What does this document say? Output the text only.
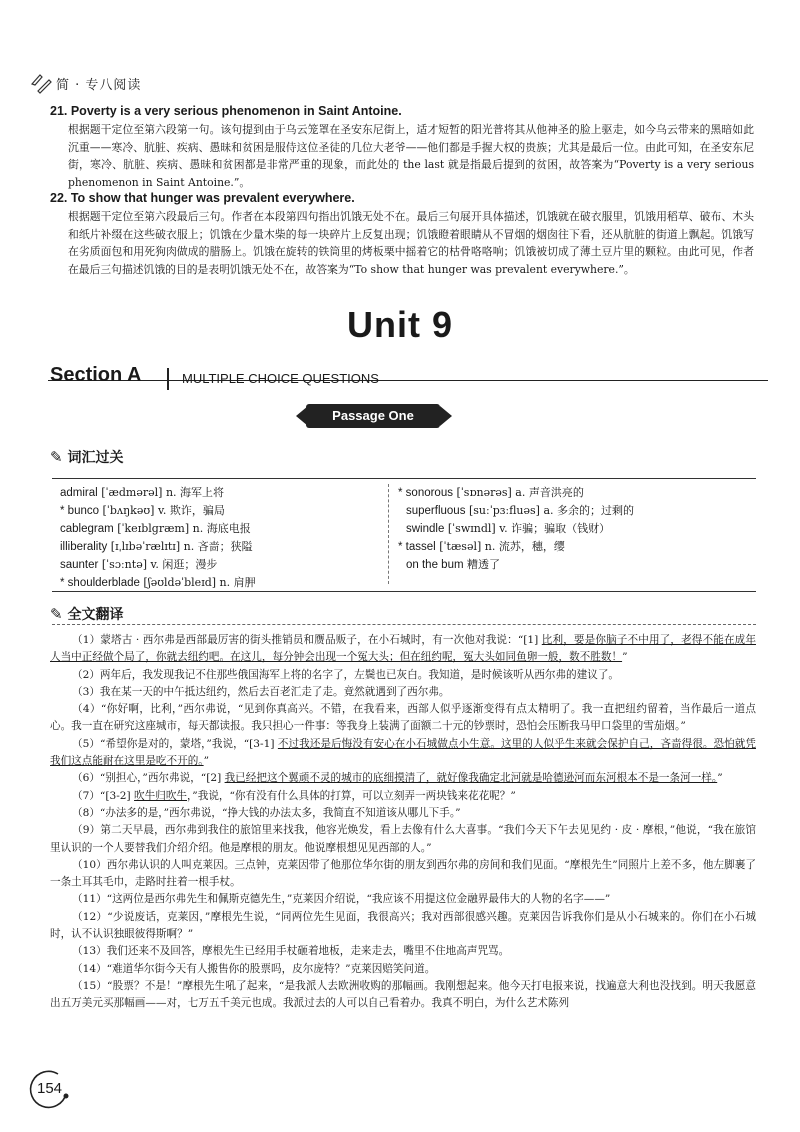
简 · 专八阅读
21. Poverty is a very serious phenomenon in Saint Antoine.
根据题干定位至第六段第一句。该句提到由于乌云笼罩在圣安东尼街上，适才短暂的阳光普将其从他神圣的脸上驱走，如今乌云带来的黑暗如此沉重——寒冷、肮脏、疾病、愚昧和贫困是服侍这位圣徒的几位大老爷——他们都是手握大权的贵族；尤其是最后一位。由此可知，在圣安东尼街，寒冷、肮脏、疾病、愚昧和贫困都是非常严重的现象，而此处的 the last 就是指最后提到的贫困，故答案为“Poverty is a very serious phenomenon in Saint Antoine.”。
22. To show that hunger was prevalent everywhere.
根据题干定位至第六段最后三句。作者在本段第四句指出饥饿无处不在。最后三句展开具体描述，饥饿就在破衣服里，饥饿用稻草、破布、木头和纸片补缀在这些破衣服上；饥饿在少量木柴的每一块碎片上反复出现；饥饿瞪着眼睛从不冒烟的烟囱往下看，还从肮脏的街道上飘起。饥饿写在劣质面包和用死狗肉做成的腊肠上。饥饿在旋转的铁筒里的烤板栗中摇着它的枯骨咯咯响；饥饿被切成了薄土豆片里的颗粒。由此可见，作者在最后三句描述饥饿的目的是表明饥饿无处不在，故答案为“To show that hunger was prevalent everywhere.”。
Unit 9
Section A	MULTIPLE CHOICE QUESTIONS
Passage One
✎ 词汇过关
admiral [ˈædmərəl] n. 海军上将
* bunco [ˈbʌŋkəʊ] v. 欺诈，骗局
cablegram [ˈkeɪblgræm] n. 海底电报
illiberality [ɪˌlɪbəˈrælɪtɪ] n. 吝啬；狭隘
saunter [ˈsɔːntə] v. 闲逛；漫步
* shoulderblade [ʃəʊldəˈbleɪd] n. 肩胛
* sonorous [ˈsɒnərəs] a. 声音洪亮的
superfluous [suːˈpɜːfluəs] a. 多余的；过剩的
swindle [ˈswɪndl] v. 诈骗；骗取（钱财）
* tassel [ˈtæsəl] n. 流苏，穗，缨
on the bum 糟透了
✎ 全文翻译
（1）蒙塔古 · 西尔弗是西部最厉害的街头推销员和赝品贩子，在小石城时，有一次他对我说：“[1] 比利，要是你脑子不中用了，老得不能在成年人当中正经做个局了，你就去纽约吧。在这儿，每分钟会出现一个冤大头；但在纽约呢，冤大头如同鱼卵一般，数不胜数！”
（2）两年后，我发现我记不住那些俄国海军上将的名字了，左鬓也已灰白。我知道，是时候该听从西尔弗的建议了。
（3）我在某一天的中午抵达纽约，然后去百老汇走了走。竟然就遇到了西尔弗。
（4）“你好啊，比利，”西尔弗说，“见到你真高兴。不错，在我看来，西部人似乎逐渐变得有点太精明了。我一直把纽约留着，当作最后一道点心。我一直在研究这座城市，每天都读报。我只担心一件事：等我身上装满了面额二十元的钞票时，恐怕会压断我马甲口袋里的雪茄烟。”
（5）“希望你是对的，蒙塔，”我说，“[3-1] 不过我还是后悔没有安心在小石城做点小生意。这里的人似乎生来就会保护自己，吝啬得很。恐怕就凭我们这点能耐在这里是吃不开的。”
（6）“别担心，”西尔弗说，“[2] 我已经把这个翼顽不灵的城市的底细摸清了，就好像我确定北河就是哈德逊河而东河根本不是一条河一样。”
（7）“[3-2] 吹牛归吹牛，”我说，“你有没有什么具体的打算，可以立刻弄一两块钱来花花呢？”
（8）“办法多的是，”西尔弗说，“挣大钱的办法太多，我简直不知道该从哪儿下手。”
（9）第二天早晨，西尔弗到我住的旅馆里来找我，他容光焕发，看上去像有什么大喜事。“我们今天下午去见见约 · 皮 · 摩根，”他说，“我在旅馆里认识的一个人要替我们介绍介绍。他是摩根的朋友。他说摩根想见见西部的人。”
（10）西尔弗认识的人叫克莱因。三点钟，克莱因带了他那位华尔街的朋友到西尔弗的房间和我们见面。“摩根先生”同照片上差不多，他左脚裹了一条土耳其毛巾，走路时拄着一根手杖。
（11）“这两位是西尔弗先生和佩斯克德先生，”克莱因介绍说，“我应该不用提这位金融界最伟大的人物的名字——”
（12）“少说废话，克莱因，”摩根先生说，“同两位先生见面，我很高兴；我对西部很感兴趣。克莱因告诉我你们是从小石城来的。你们在小石城时，认不认识独眼彼得斯啊？”
（13）我们还来不及回答，摩根先生已经用手杖砸着地板，走来走去，嘴里不住地高声咒骂。
（14）“难道华尔街今天有人搬售你的股票吗，皮尔庞特？”克莱因赔笑问道。
（15）“股票？不是！”摩根先生吼了起来，“是我派人去欧洲收购的那幅画。我刚想起来。他今天打电报来说，找遍意大利也没找到。明天我愿意出五万美元买那幅画——对，七万五千美元也成。我派过去的人可以自己看着办。我真不明白，为什么艺术陈列
154
